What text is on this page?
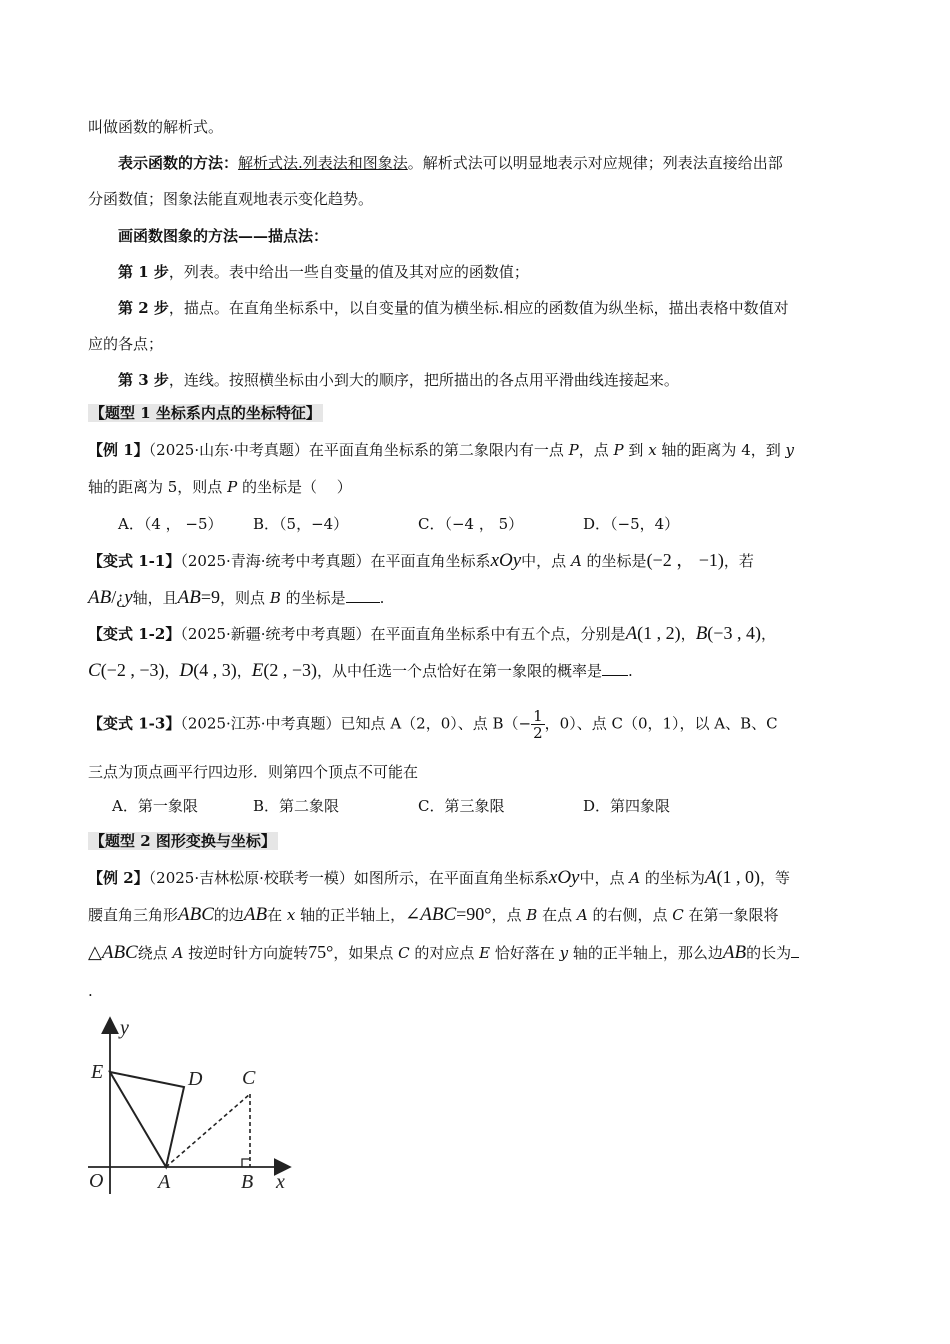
叫做函数的解析式。
表示函数的方法：解析式法.列表法和图象法。解析式法可以明显地表示对应规律；列表法直接给出部
分函数值；图象法能直观地表示变化趋势。
画函数图象的方法——描点法：
第 1 步，列表。表中给出一些自变量的值及其对应的函数值；
第 2 步，描点。在直角坐标系中，以自变量的值为横坐标.相应的函数值为纵坐标，描出表格中数值对
应的各点；
第 3 步，连线。按照横坐标由小到大的顺序，把所描出的各点用平滑曲线连接起来。
【题型 1 坐标系内点的坐标特征】
【例 1】（2025·山东·中考真题）在平面直角坐标系的第二象限内有一点 P，点 P 到 x 轴的距离为 4，到 y
轴的距离为 5，则点 P 的坐标是（　 ）
A．（4 ， −5） B．（5，−4）	C．（−4 ， 5）	D．（−5，4）
【变式 1-1】（2025·青海·统考中考真题）在平面直角坐标系xOy中，点 A 的坐标是(−2 ， −1)，若
AB/¿y轴，且AB=9，则点 B 的坐标是 .
【变式 1-2】（2025·新疆·统考中考真题）在平面直角坐标系中有五个点，分别是A(1 , 2)，B(−3 , 4)，
C(−2 , −3)，D(4 , 3)，E(2 , −3)，从中任选一个点恰好在第一象限的概率是 .
【变式 1-3】（2025·江苏·中考真题）已知点 A（2，0）、点 $B(- \frac{1}{2}$ ，0）、点 C（0，1），以 A、B、C
三点为顶点画平行四边形．则第四个顶点不可能在
A．第一象限	B．第二象限	C．第三象限	D．第四象限
【题型 2 图形变换与坐标】
【例 2】（2025·吉林松原·校联考一模）如图所示，在平面直角坐标系xOy中，点 A 的坐标为A(1 , 0)，等
腰直角三角形ABC的边AB在 x 轴的正半轴上，∠ABC=90°，点 B 在点 A 的右侧，点 C 在第一象限将
△ABC绕点 A 按逆时针方向旋转75°，如果点 C 的对应点 E 恰好落在 y 轴的正半轴上，那么边AB的长为
.
y
E	D C
O	A	B x
